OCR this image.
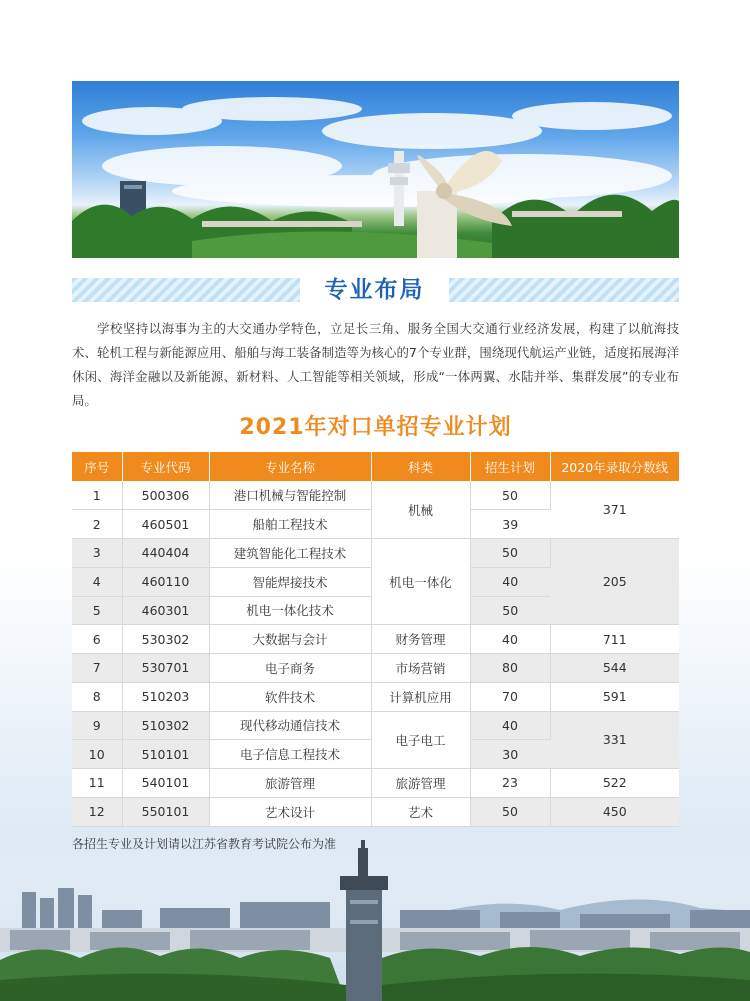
专业布局

学校坚持以海事为主的大交通办学特色，立足长三角、服务全国大交通行业经济发展，构建了以航海技术、轮机工程与新能源应用、船舶与海工装备制造等为核心的7个专业群，围绕现代航运产业链，适度拓展海洋休闲、海洋金融以及新能源、新材料、人工智能等相关领域，形成“一体两翼、水陆并举、集群发展”的专业布局。

2021年对口单招专业计划
序号	专业代码	专业名称	科类	招生计划	2020年录取分数线
1	500306	港口机械与智能控制	机械	50	371
2	460501	船舶工程技术		39	
3	440404	建筑智能化工程技术	机电一体化	50	205
4	460110	智能焊接技术		40	
5	460301	机电一体化技术		50	
6	530302	大数据与会计	财务管理	40	711
7	530701	电子商务	市场营销	80	544
8	510203	软件技术	计算机应用	70	591
9	510302	现代移动通信技术	电子电工	40	331
10	510101	电子信息工程技术		30	
11	540101	旅游管理	旅游管理	23	522
12	550101	艺术设计	艺术	50	450
